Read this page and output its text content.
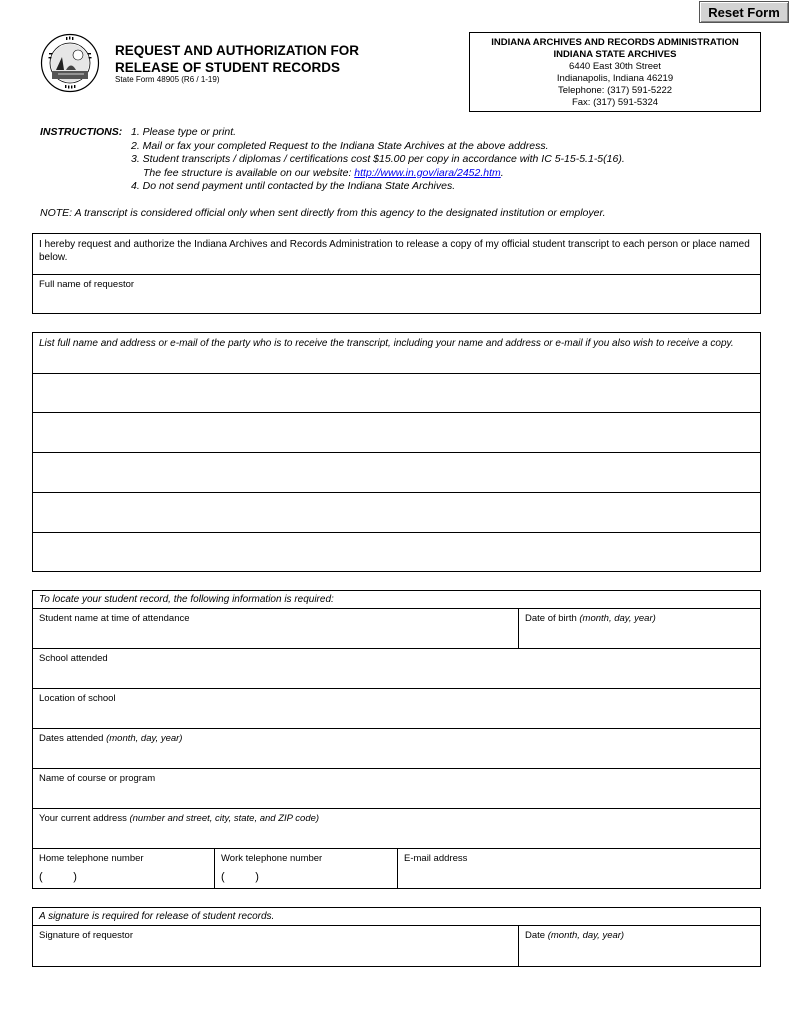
Reset Form
REQUEST AND AUTHORIZATION FOR
RELEASE OF STUDENT RECORDS
State Form 48905 (R6 / 1-19)
INDIANA ARCHIVES AND RECORDS ADMINISTRATION
INDIANA STATE ARCHIVES
6440 East 30th Street
Indianapolis, Indiana 46219
Telephone: (317) 591-5222
Fax: (317) 591-5324
INSTRUCTIONS: 1. Please type or print.
2. Mail or fax your completed Request to the Indiana State Archives at the above address.
3. Student transcripts / diplomas / certifications cost $15.00 per copy in accordance with IC 5-15-5.1-5(16).
The fee structure is available on our website: http://www.in.gov/iara/2452.htm.
4. Do not send payment until contacted by the Indiana State Archives.
NOTE: A transcript is considered official only when sent directly from this agency to the designated institution or employer.
I hereby request and authorize the Indiana Archives and Records Administration to release a copy of my official student transcript to each person or place named below.
Full name of requestor
List full name and address or e-mail of the party who is to receive the transcript, including your name and address or e-mail if you also wish to receive a copy.
To locate your student record, the following information is required:
Student name at time of attendance	Date of birth (month, day, year)
School attended
Location of school
Dates attended (month, day, year)
Name of course or program
Your current address (number and street, city, state, and ZIP code)
Home telephone number
(          )
Work telephone number
(          )
E-mail address
A signature is required for release of student records.
Signature of requestor	Date (month, day, year)
